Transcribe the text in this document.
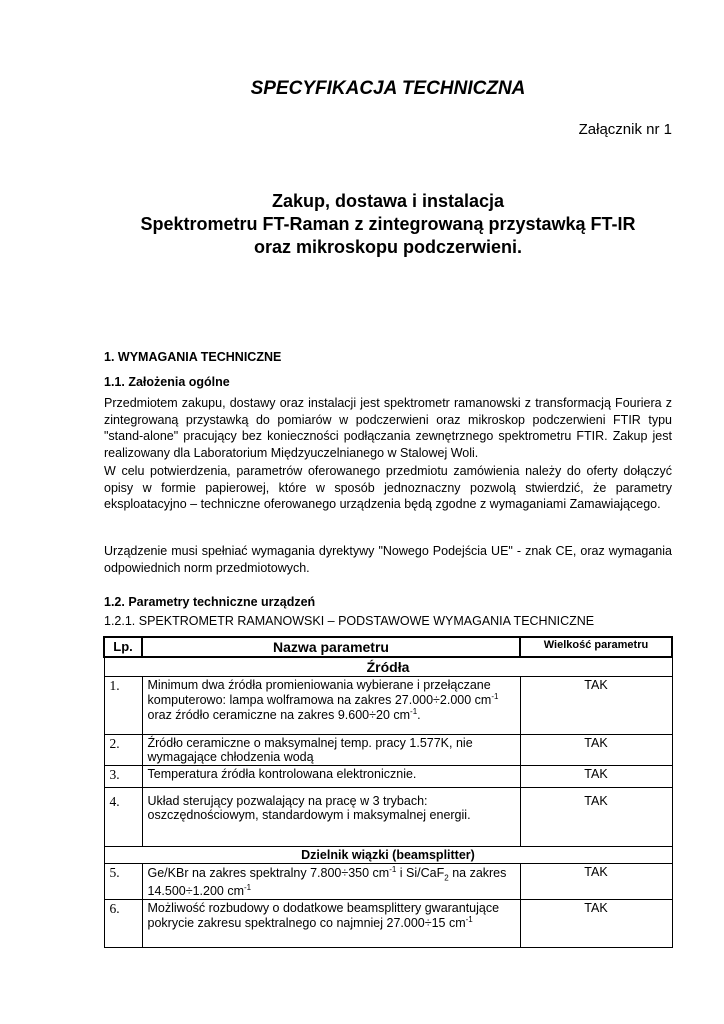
SPECYFIKACJA TECHNICZNA
Załącznik nr 1
Zakup, dostawa i instalacja
Spektrometru FT-Raman z zintegrowaną przystawką FT-IR
oraz mikroskopu podczerwieni.
1. WYMAGANIA TECHNICZNE
1.1. Założenia ogólne

Przedmiotem zakupu, dostawy oraz instalacji jest spektrometr ramanowski z transformacją Fouriera z zintegrowaną przystawką do pomiarów w podczerwieni oraz mikroskop podczerwieni FTIR typu "stand-alone" pracujący bez konieczności podłączania zewnętrznego spektrometru FTIR. Zakup jest realizowany dla Laboratorium Międzyuczelnianego w Stalowej Woli.

W celu potwierdzenia, parametrów oferowanego przedmiotu zamówienia należy do oferty dołączyć opisy w formie papierowej, które w sposób jednoznaczny pozwolą stwierdzić, że parametry eksploatacyjno – techniczne oferowanego urządzenia będą zgodne z wymaganiami Zamawiającego.

Urządzenie musi spełniać wymagania dyrektywy "Nowego Podejścia UE" - znak CE, oraz wymagania odpowiednich norm przedmiotowych.

1.2. Parametry techniczne urządzeń
1.2.1. SPEKTROMETR RAMANOWSKI – PODSTAWOWE WYMAGANIA TECHNICZNE
Lp.	Nazwa parametru	Wielkość parametru
Źródła		
1.	Minimum dwa źródła promieniowania wybierane i przełączane komputerowo: lampa wolframowa na zakres 27.000÷2.000 $cm^{-1}$ oraz źródło ceramiczne na zakres 9.600÷20 $cm^{-1}$.	TAK
2.	Źródło ceramiczne o maksymalnej temp. pracy 1.577K, nie wymagające chłodzenia wodą	TAK
3.	Temperatura źródła kontrolowana elektronicznie.	TAK
4.	Układ sterujący pozwalający na pracę w 3 trybach: oszczędnościowym, standardowym i maksymalnej energii.	TAK
Dzielnik wiązki (beamsplitter)		
5.	Ge/KBr na zakres spektralny 7.800÷350 $cm^{-1}$ i Si/CaF$_2$ na zakres 14.500÷1.200 $cm^{-1}$	TAK
6.	Możliwość rozbudowy o dodatkowe beamsplittery gwarantujące pokrycie zakresu spektralnego co najmniej 27.000÷15 $cm^{-1}$	TAK
